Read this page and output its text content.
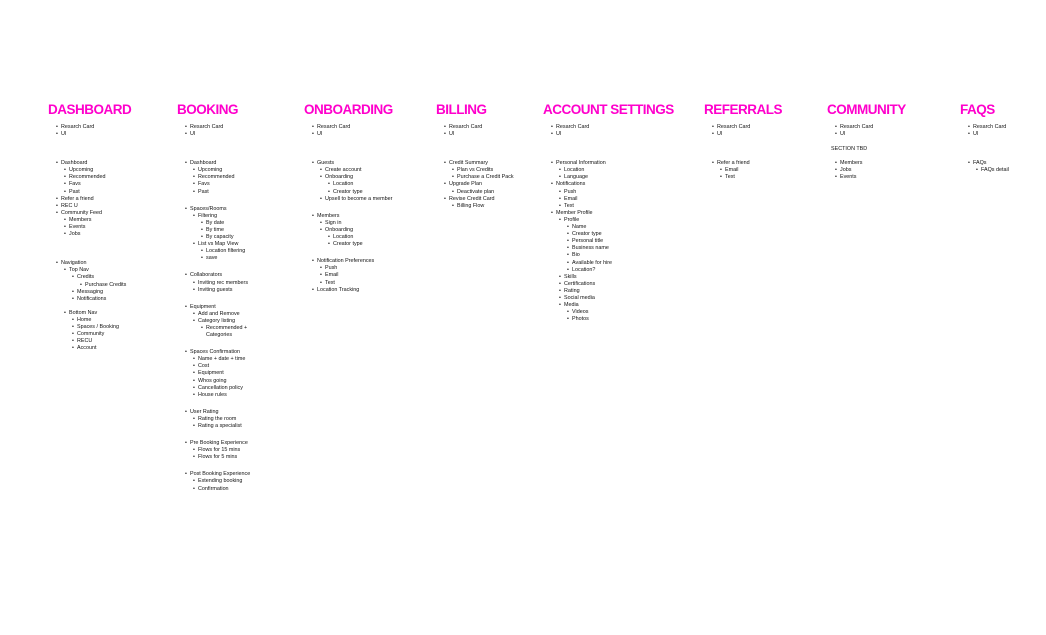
DASHBOARD
• Resarch Card
• UI
• Dashboard
• Upcoming
• Recommended
• Favs
• Past
• Refer a friend
• REC U
• Community Feed
• Members
• Events
• Jobs
• Navigation
• Top Nav
• Credits
• Purchase Credits
• Messaging
• Notifications
• Bottom Nav
• Home
• Spaces / Booking
• Community
• RECU
• Account
BOOKING
• Resarch Card
• UI
• Dashboard
• Upcoming
• Recommended
• Favs
• Past
• Spaces/Rooms
• Filtering
• By date
• By time
• By capacity
• List vs Map View
• Location filtering
• save
• Collaborators
• Inviting rec members
• Inviting guests
• Equipment
• Add and Remove
• Category listing
• Recommended +
Categories
• Spaces Confirmation
• Name + date + time
• Cost
• Equipment
• Whos going
• Cancellation policy
• House rules
• User Rating
• Rating the room
• Rating a specialist
• Pre Booking Experience
• Flows for 15 mins
• Flows for 5 mins
• Post Booking Experience
• Extending booking
• Confirmation
ONBOARDING
• Resarch Card
• UI
• Guests
• Create account
• Onboarding
• Location
• Creator type
• Upsell to become a member
• Members
• Sign in
• Onboarding
• Location
• Creator type
• Notification Preferences
• Push
• Email
• Text
• Location Tracking
BILLING
• Resarch Card
• UI
• Credit Summary
• Plan vs Credits
• Purchase a Credit Pack
• Upgrade Plan
• Deactivate plan
• Revise Credit Card
• Billing Flow
ACCOUNT SETTINGS
• Resarch Card
• UI
• Personal Information
• Location
• Language
• Notifications
• Push
• Email
• Text
• Member Profile
• Profile
• Name
• Creator type
• Personal title
• Business name
• Bio
• Available for hire
• Location?
• Skills
• Certifications
• Rating
• Social media
• Media
• Videos
• Photos
REFERRALS
• Resarch Card
• UI
• Refer a friend
• Email
• Text
COMMUNITY
• Resarch Card
• UI
SECTION TBD
• Members
• Jobs
• Events
FAQS
• Resarch Card
• UI
• FAQs
• FAQs detail
